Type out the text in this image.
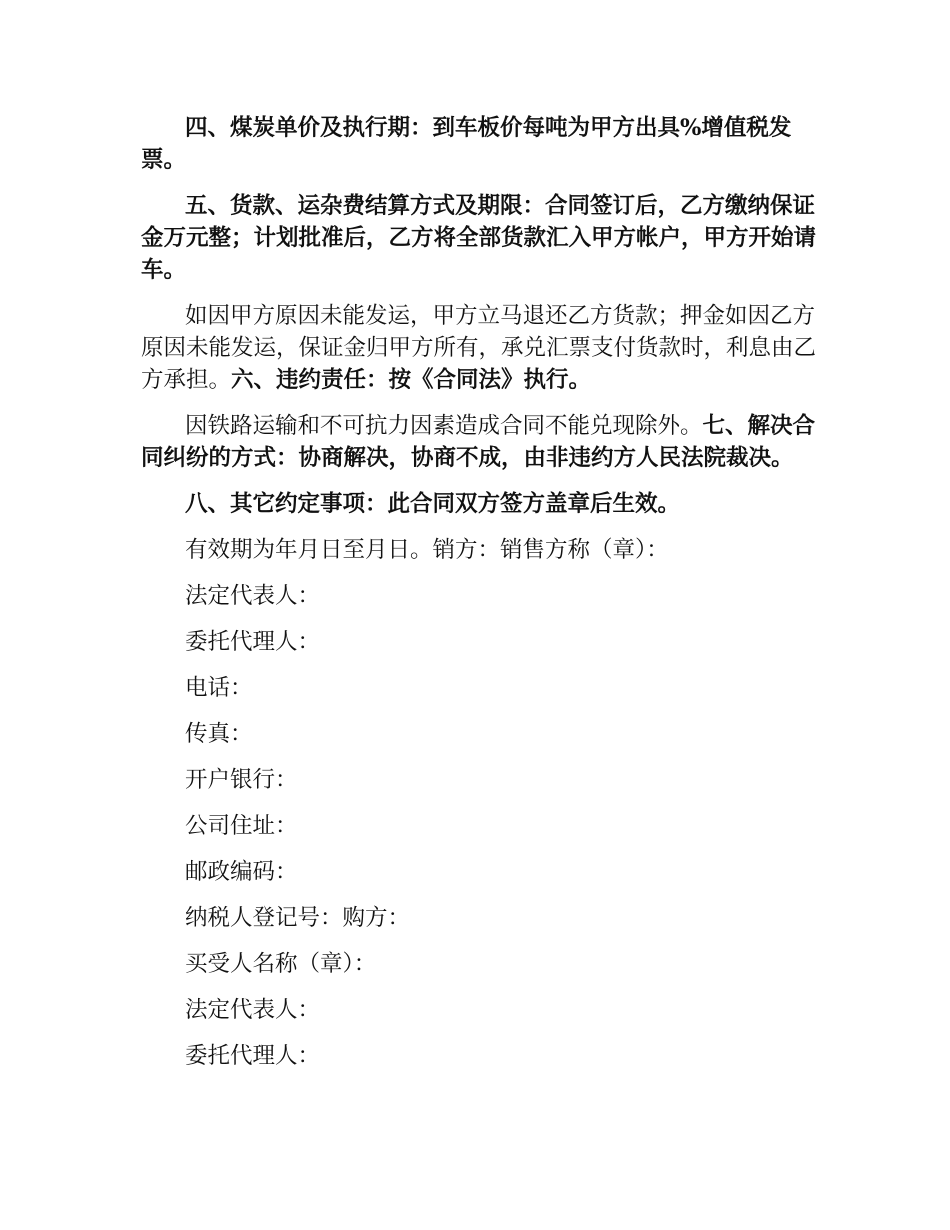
四、煤炭单价及执行期：到车板价每吨为甲方出具%增值税发票。

五、货款、运杂费结算方式及期限：合同签订后，乙方缴纳保证金万元整；计划批准后，乙方将全部货款汇入甲方帐户，甲方开始请车。

如因甲方原因未能发运，甲方立马退还乙方货款；押金如因乙方原因未能发运，保证金归甲方所有，承兑汇票支付货款时，利息由乙方承担。六、违约责任：按《合同法》执行。

因铁路运输和不可抗力因素造成合同不能兑现除外。七、解决合同纠纷的方式：协商解决，协商不成，由非违约方人民法院裁决。

八、其它约定事项：此合同双方签方盖章后生效。

有效期为年月日至月日。销方：销售方称（章）：

法定代表人：

委托代理人：

电话：

传真：

开户银行：

公司住址：

邮政编码：

纳税人登记号：购方：

买受人名称（章）：

法定代表人：

委托代理人：
